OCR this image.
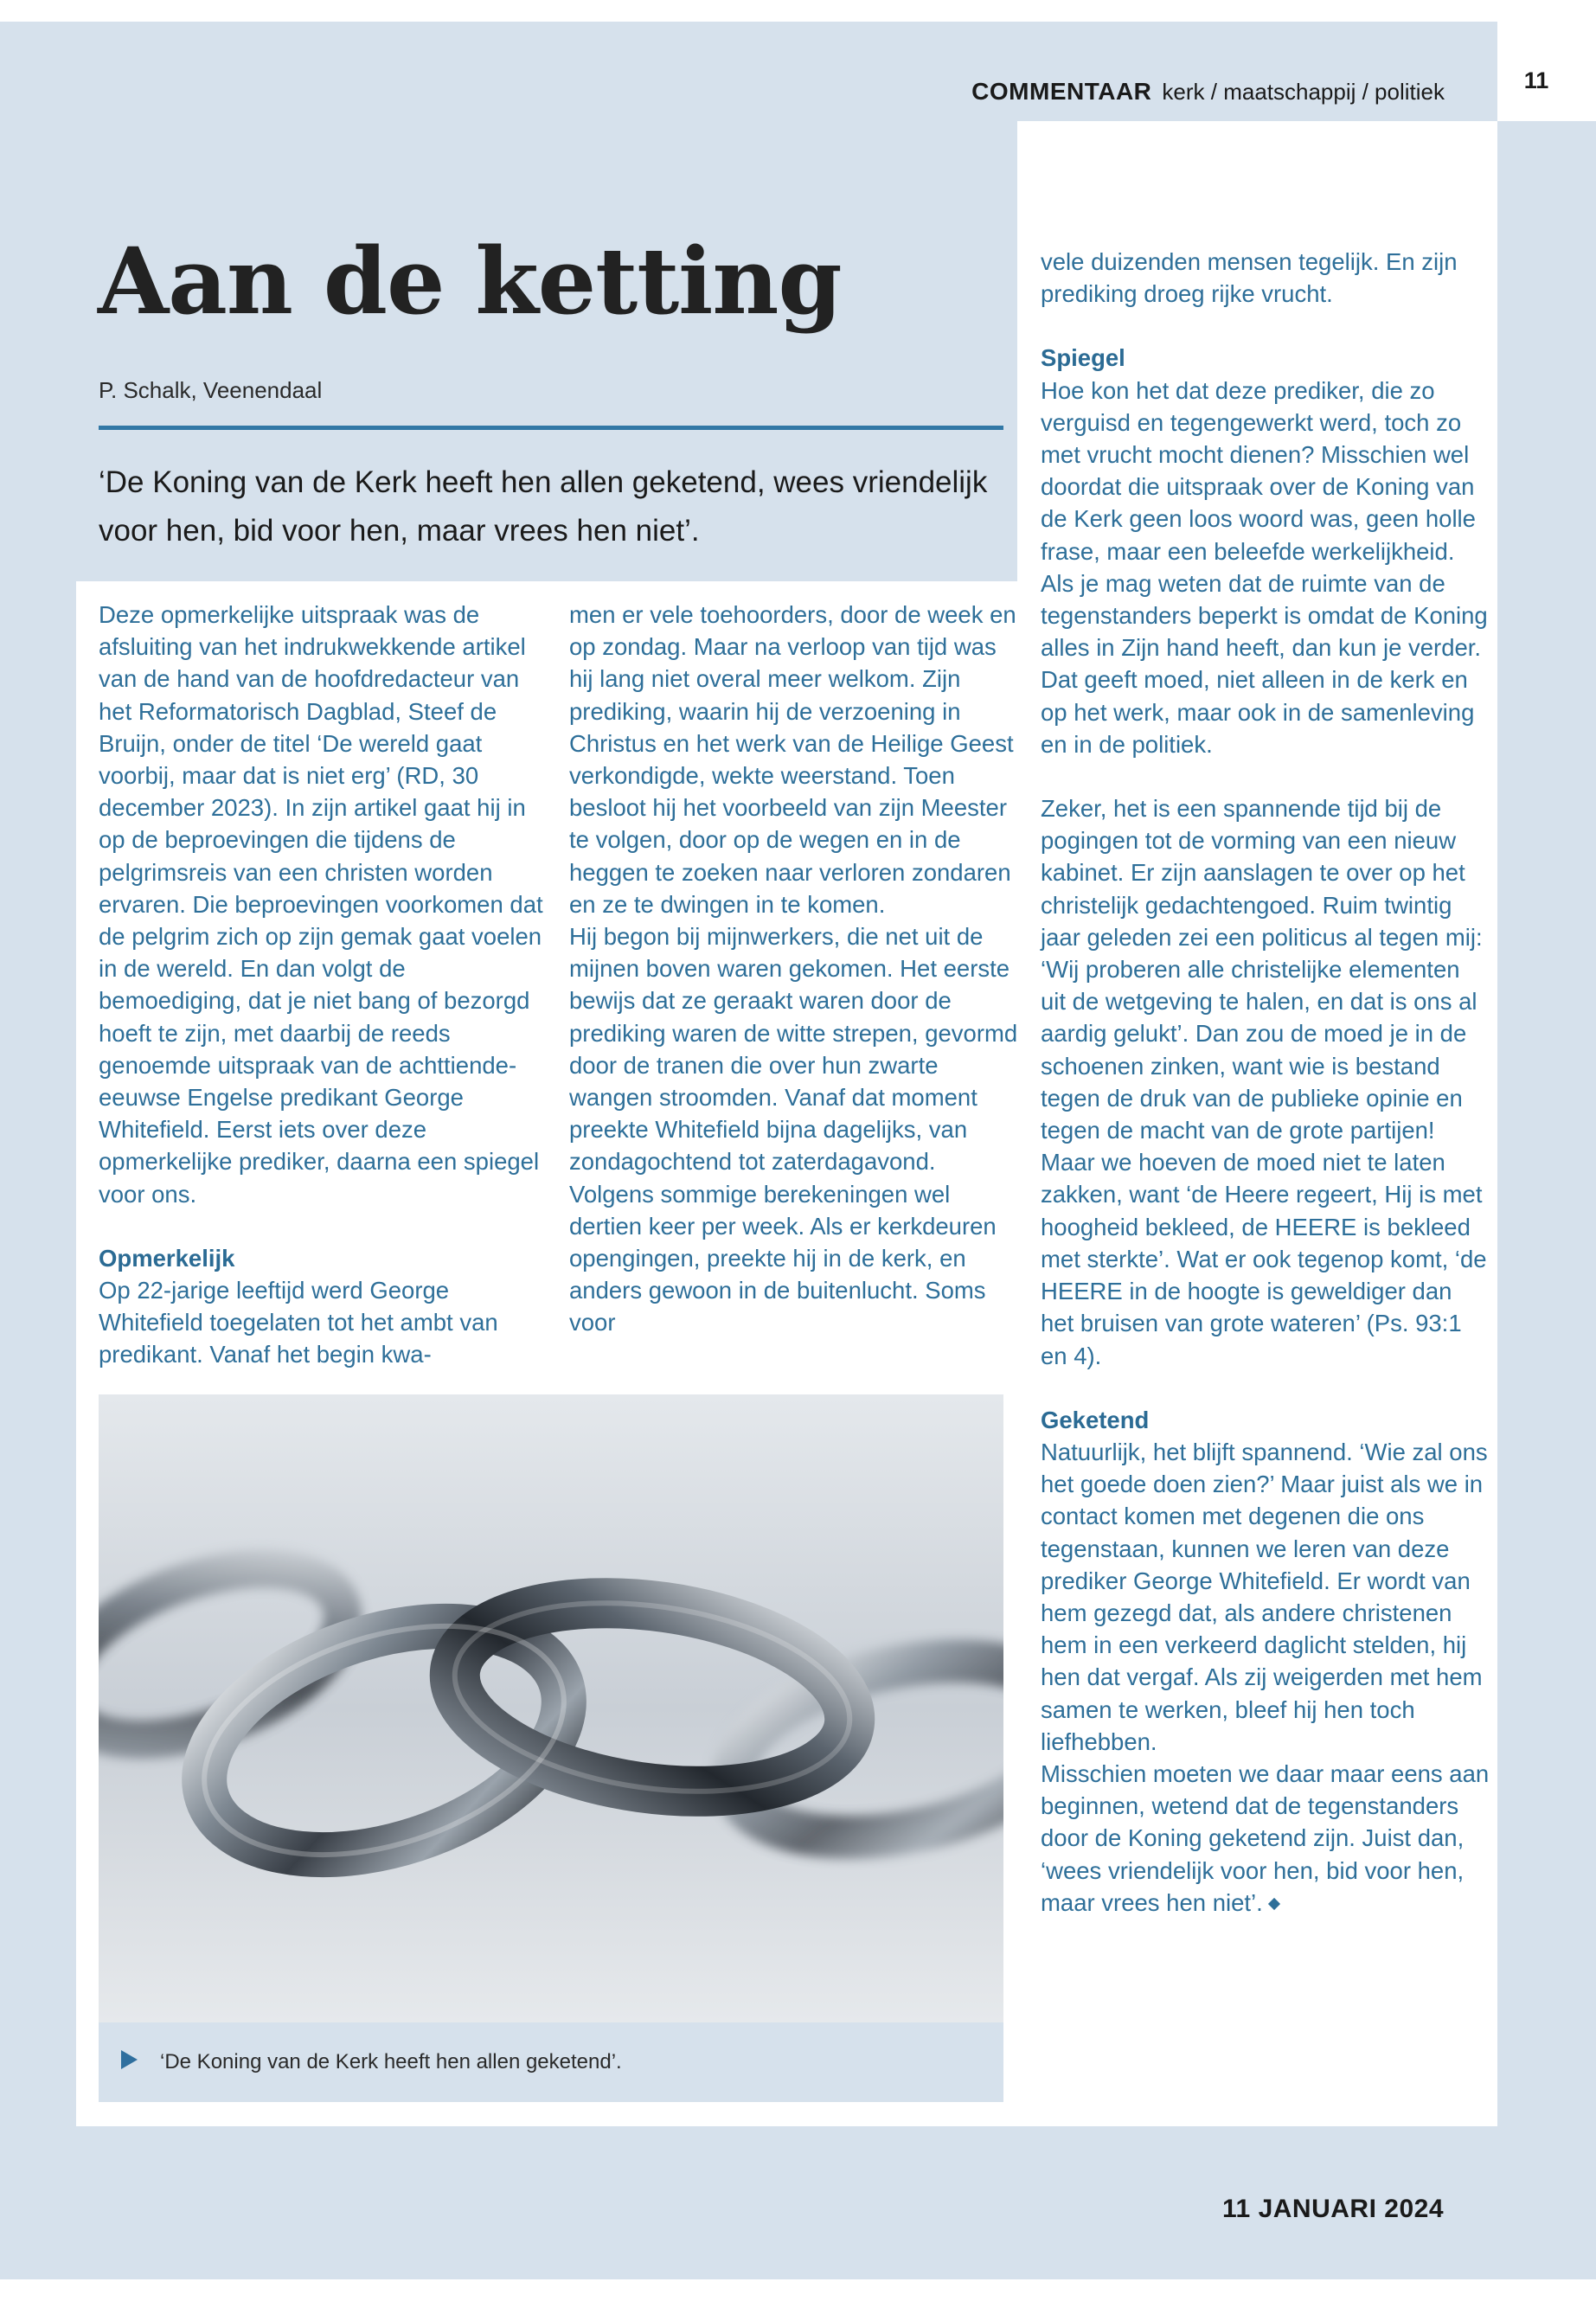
11
COMMENTAAR kerk / maatschappij / politiek
Aan de ketting
P. Schalk, Veenendaal
‘De Koning van de Kerk heeft hen allen geketend, wees vriendelijk voor hen, bid voor hen, maar vrees hen niet’.

Deze opmerkelijke uitspraak was de afsluiting van het indrukwekkende artikel van de hand van de hoofdredacteur van het Reformatorisch Dagblad, Steef de Bruijn, onder de titel ‘De wereld gaat voorbij, maar dat is niet erg’ (RD, 30 december 2023). In zijn artikel gaat hij in op de beproevingen die tijdens de pelgrimsreis van een christen worden ervaren. Die beproevingen voorkomen dat de pelgrim zich op zijn gemak gaat voelen in de wereld. En dan volgt de bemoediging, dat je niet bang of bezorgd hoeft te zijn, met daarbij de reeds genoemde uitspraak van de achttiende-eeuwse Engelse predikant George Whitefield. Eerst iets over deze opmerkelijke prediker, daarna een spiegel voor ons.

Opmerkelijk

Op 22-jarige leeftijd werd George Whitefield toegelaten tot het ambt van predikant. Vanaf het begin kwa-

men er vele toehoorders, door de week en op zondag. Maar na verloop van tijd was hij lang niet overal meer welkom. Zijn prediking, waarin hij de verzoening in Christus en het werk van de Heilige Geest verkondigde, wekte weerstand. Toen besloot hij het voorbeeld van zijn Meester te volgen, door op de wegen en in de heggen te zoeken naar verloren zondaren en ze te dwingen in te komen.

Hij begon bij mijnwerkers, die net uit de mijnen boven waren gekomen. Het eerste bewijs dat ze geraakt waren door de prediking waren de witte strepen, gevormd door de tranen die over hun zwarte wangen stroomden. Vanaf dat moment preekte Whitefield bijna dagelijks, van zondagochtend tot zaterdagavond. Volgens sommige berekeningen wel dertien keer per week. Als er kerkdeuren opengingen, preekte hij in de kerk, en anders gewoon in de buitenlucht. Soms voor

vele duizenden mensen tegelijk. En zijn prediking droeg rijke vrucht.

Spiegel

Hoe kon het dat deze prediker, die zo verguisd en tegengewerkt werd, toch zo met vrucht mocht dienen? Misschien wel doordat die uitspraak over de Koning van de Kerk geen loos woord was, geen holle frase, maar een beleefde werkelijkheid. Als je mag weten dat de ruimte van de tegenstanders beperkt is omdat de Koning alles in Zijn hand heeft, dan kun je verder. Dat geeft moed, niet alleen in de kerk en op het werk, maar ook in de samenleving en in de politiek.

Zeker, het is een spannende tijd bij de pogingen tot de vorming van een nieuw kabinet. Er zijn aanslagen te over op het christelijk gedachtengoed. Ruim twintig jaar geleden zei een politicus al tegen mij: ‘Wij proberen alle christelijke elementen uit de wetgeving te halen, en dat is ons al aardig gelukt’. Dan zou de moed je in de schoenen zinken, want wie is bestand tegen de druk van de publieke opinie en tegen de macht van de grote partijen! Maar we hoeven de moed niet te laten zakken, want ‘de Heere regeert, Hij is met hoogheid bekleed, de HEERE is bekleed met sterkte’. Wat er ook tegenop komt, ‘de HEERE in de hoogte is geweldiger dan het bruisen van grote wateren’ (Ps. 93:1 en 4).

Geketend

Natuurlijk, het blijft spannend. ‘Wie zal ons het goede doen zien?’ Maar juist als we in contact komen met degenen die ons tegenstaan, kunnen we leren van deze prediker George Whitefield. Er wordt van hem gezegd dat, als andere christenen hem in een verkeerd daglicht stelden, hij hen dat vergaf. Als zij weigerden met hem samen te werken, bleef hij hen toch liefhebben.

Misschien moeten we daar maar eens aan beginnen, wetend dat de tegenstanders door de Koning geketend zijn. Juist dan, ‘wees vriendelijk voor hen, bid voor hen, maar vrees hen niet’.

‘De Koning van de Kerk heeft hen allen geketend’.
11 JANUARI 2024
